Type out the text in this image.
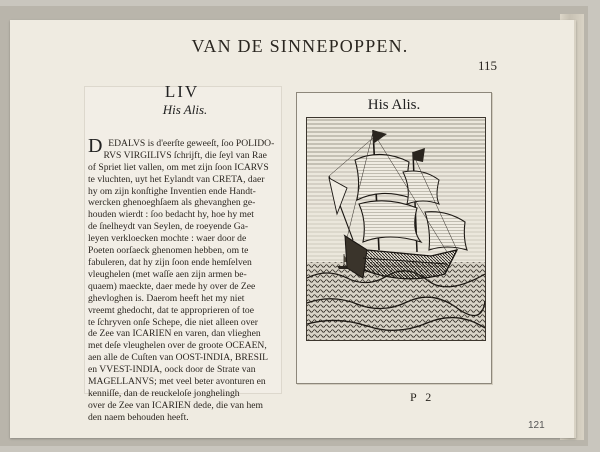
VAN DE SINNEPOPPEN.
115
LIV
His Alis.

DEDALVS is d'eerſte geweeſt, ſoo POLIDO-
RVS VIRGILIVS ſchrijft, die ſeyl van Rae
of Spriet liet vallen, om met zijn ſoon ICARVS
te vluchten, uyt het Eylandt van CRETA, daer
hy om zijn konſtighe Inventien ende Handt-
wercken ghenoeghſaem als ghevanghen ge-
houden wierdt : ſoo bedacht hy, hoe hy met
de ſnelheydt van Seylen, de roeyende Ga-
leyen verkloecken mochte : waer door de
Poeten oorſaeck ghenomen hebben, om te
fabuleren, dat hy zijn ſoon ende hemſelven
vleughelen (met waſſe aen zijn armen be-
quaem) maeckte, daer mede hy over de Zee
ghevloghen is. Daerom heeft het my niet
vreemt ghedocht, dat te approprieren of toe
te ſchryven onſe Schepe, die niet alleen over
de Zee van ICARIEN en varen, dan vlieghen
met deſe vleughelen over de groote OCEAEN,
aen alle de Cuſten van OOST-INDIA, BRESIL
en VVEST-INDIA, oock door de Strate van
MAGELLANVS; met veel beter avonturen en
kenniſſe, dan de reuckeloſe jonghelingh
over de Zee van ICARIEN dede, die van hem
den naem behouden heeft.

His Alis.
P 2
121
